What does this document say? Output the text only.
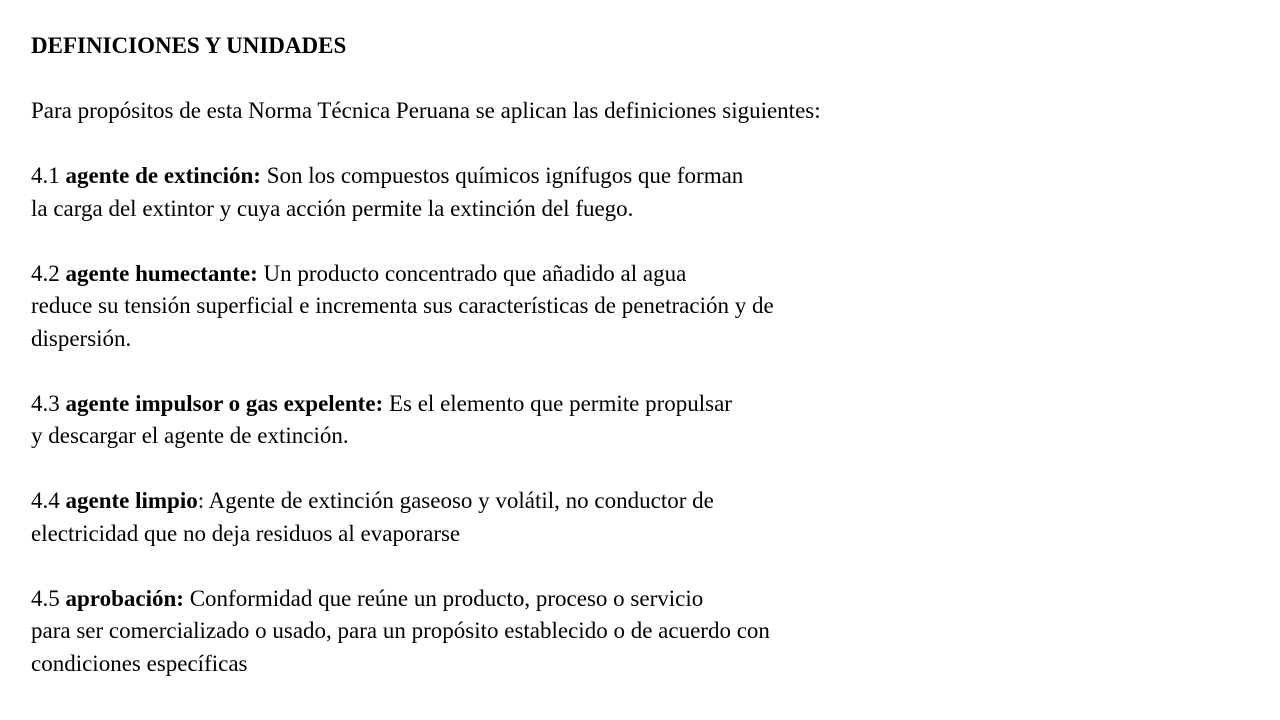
DEFINICIONES Y UNIDADES
Para propósitos de esta Norma Técnica Peruana se aplican las definiciones siguientes:
4.1 agente de extinción: Son los compuestos químicos ignífugos que forman
la carga del extintor y cuya acción permite la extinción del fuego.
4.2 agente humectante: Un producto concentrado que añadido al agua
reduce su tensión superficial e incrementa sus características de penetración y de
dispersión.
4.3 agente impulsor o gas expelente: Es el elemento que permite propulsar
y descargar el agente de extinción.
4.4 agente limpio: Agente de extinción gaseoso y volátil, no conductor de
electricidad que no deja residuos al evaporarse
4.5 aprobación: Conformidad que reúne un producto, proceso o servicio
para ser comercializado o usado, para un propósito establecido o de acuerdo con
condiciones específicas
